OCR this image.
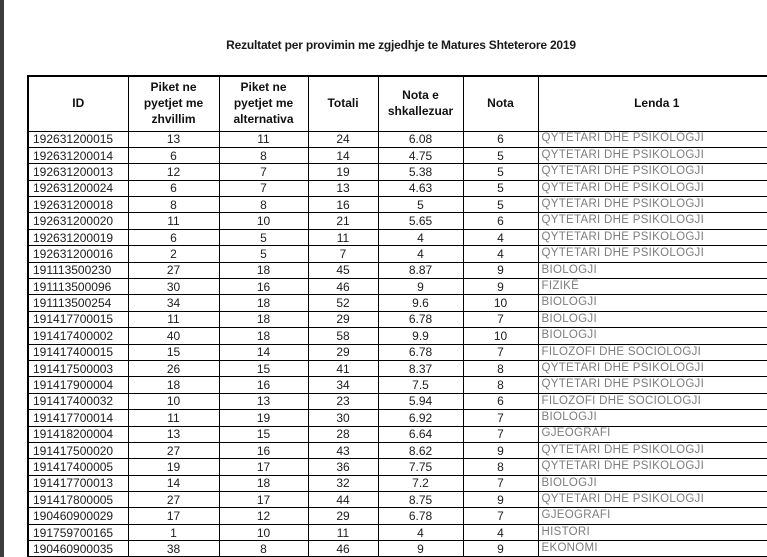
Rezultatet per provimin me zgjedhje te Matures Shteterore 2019
ID	Piket ne pyetjet me zhvillim	Piket ne pyetjet me alternativa	Totali	Nota e shkallezuar	Nota	Lenda 1
192631200015	13	11	24	6.08	6	QYTETARI DHE PSIKOLOGJI
192631200014	6	8	14	4.75	5	QYTETARI DHE PSIKOLOGJI
192631200013	12	7	19	5.38	5	QYTETARI DHE PSIKOLOGJI
192631200024	6	7	13	4.63	5	QYTETARI DHE PSIKOLOGJI
192631200018	8	8	16	5	5	QYTETARI DHE PSIKOLOGJI
192631200020	11	10	21	5.65	6	QYTETARI DHE PSIKOLOGJI
192631200019	6	5	11	4	4	QYTETARI DHE PSIKOLOGJI
192631200016	2	5	7	4	4	QYTETARI DHE PSIKOLOGJI
191113500230	27	18	45	8.87	9	BIOLOGJI
191113500096	30	16	46	9	9	FIZIKË
191113500254	34	18	52	9.6	10	BIOLOGJI
191417700015	11	18	29	6.78	7	BIOLOGJI
191417400002	40	18	58	9.9	10	BIOLOGJI
191417400015	15	14	29	6.78	7	FILOZOFI DHE SOCIOLOGJI
191417500003	26	15	41	8.37	8	QYTETARI DHE PSIKOLOGJI
191417900004	18	16	34	7.5	8	QYTETARI DHE PSIKOLOGJI
191417400032	10	13	23	5.94	6	FILOZOFI DHE SOCIOLOGJI
191417700014	11	19	30	6.92	7	BIOLOGJI
191418200004	13	15	28	6.64	7	GJEOGRAFI
191417500020	27	16	43	8.62	9	QYTETARI DHE PSIKOLOGJI
191417400005	19	17	36	7.75	8	QYTETARI DHE PSIKOLOGJI
191417700013	14	18	32	7.2	7	BIOLOGJI
191417800005	27	17	44	8.75	9	QYTETARI DHE PSIKOLOGJI
190460900029	17	12	29	6.78	7	GJEOGRAFI
191759700165	1	10	11	4	4	HISTORI
190460900035	38	8	46	9	9	EKONOMI
